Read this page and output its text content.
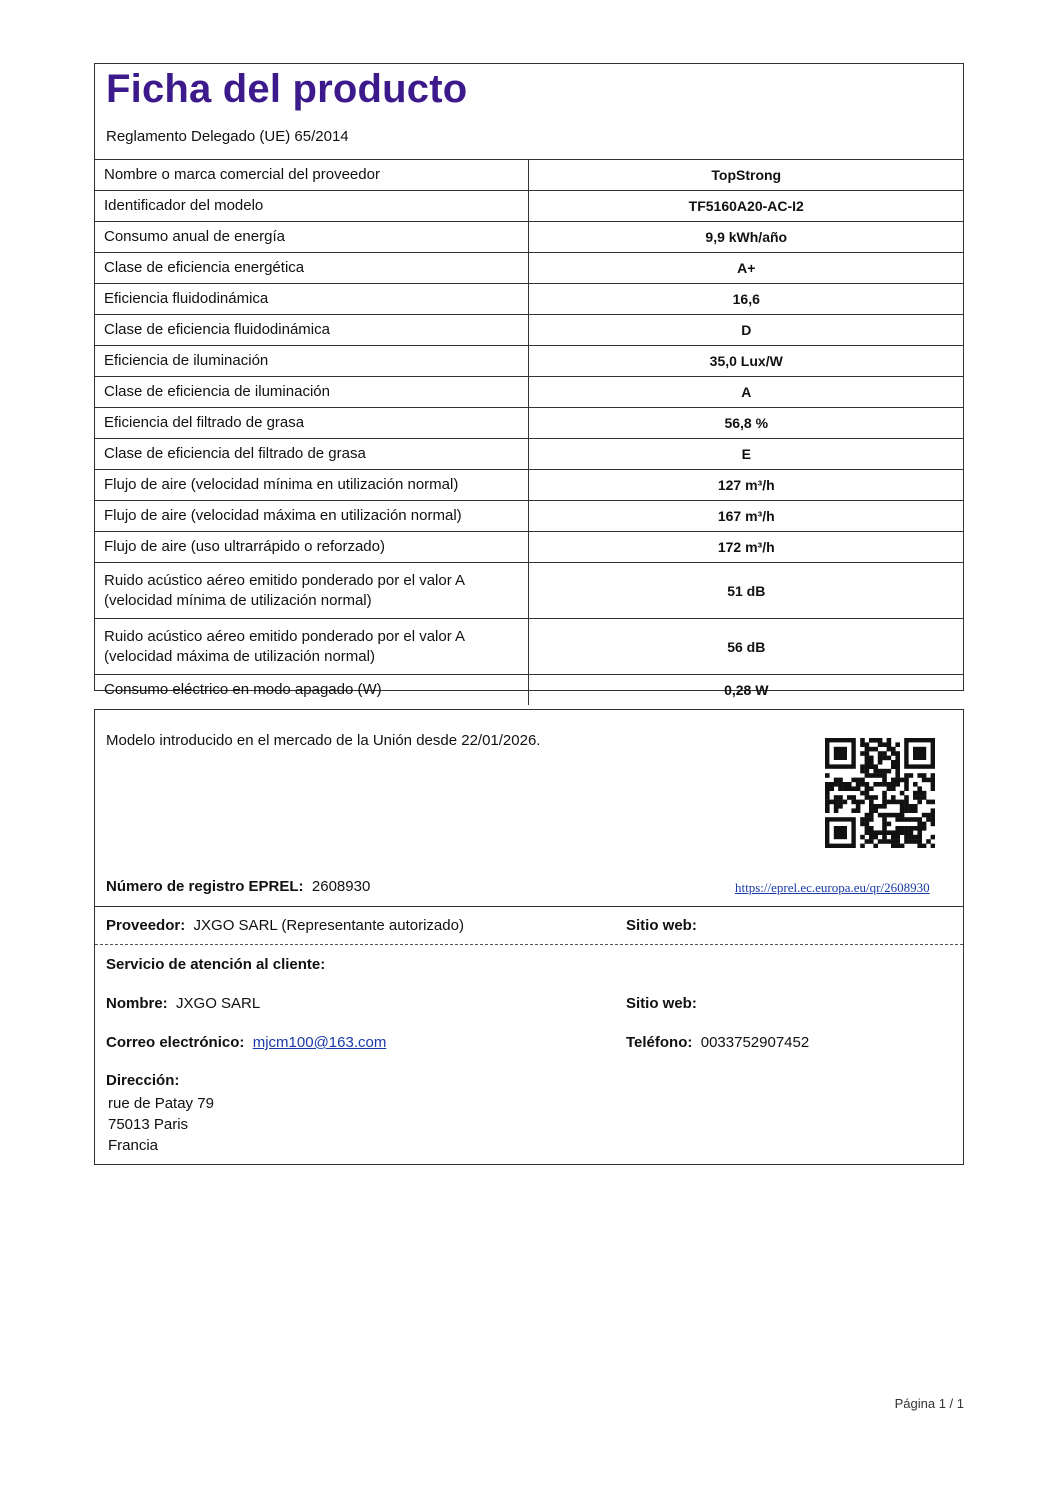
Ficha del producto
Reglamento Delegado (UE) 65/2014
Nombre o marca comercial del proveedor	TopStrong
Identificador del modelo	TF5160A20-AC-I2
Consumo anual de energía	9,9 kWh/año
Clase de eficiencia energética	A+
Eficiencia fluidodinámica	16,6
Clase de eficiencia fluidodinámica	D
Eficiencia de iluminación	35,0 Lux/W
Clase de eficiencia de iluminación	A
Eficiencia del filtrado de grasa	56,8 %
Clase de eficiencia del filtrado de grasa	E
Flujo de aire (velocidad mínima en utilización normal)	127 m³/h
Flujo de aire (velocidad máxima en utilización normal)	167 m³/h
Flujo de aire (uso ultrarrápido o reforzado)	172 m³/h
Ruido acústico aéreo emitido ponderado por el valor A (velocidad mínima de utilización normal)	51 dB
Ruido acústico aéreo emitido ponderado por el valor A (velocidad máxima de utilización normal)	56 dB
Consumo eléctrico en modo apagado (W)	0,28 W
Modelo introducido en el mercado de la Unión desde 22/01/2026.
Número de registro EPREL: 2608930	https://eprel.ec.europa.eu/qr/2608930
Proveedor: JXGO SARL (Representante autorizado)	Sitio web:
Servicio de atención al cliente:
Nombre: JXGO SARL	Sitio web:
Correo electrónico: mjcm100@163.com	Teléfono: 0033752907452
Dirección:
rue de Patay 79
75013 Paris
Francia
Página 1 / 1
